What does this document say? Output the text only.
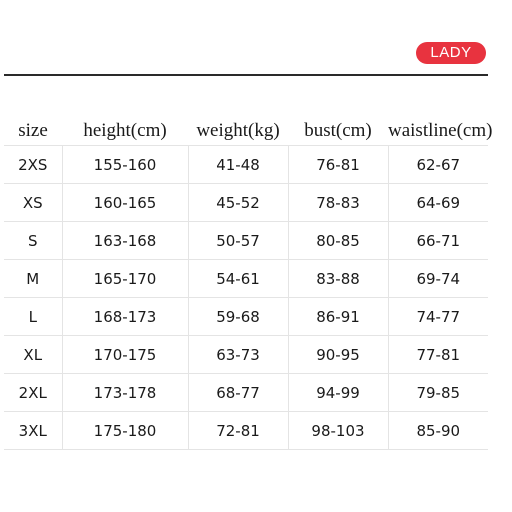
LADY
size	height(cm)	weight(kg)	bust(cm)	waistline(cm)
2XS	155-160	41-48	76-81	62-67
XS	160-165	45-52	78-83	64-69
S	163-168	50-57	80-85	66-71
M	165-170	54-61	83-88	69-74
L	168-173	59-68	86-91	74-77
XL	170-175	63-73	90-95	77-81
2XL	173-178	68-77	94-99	79-85
3XL	175-180	72-81	98-103	85-90
